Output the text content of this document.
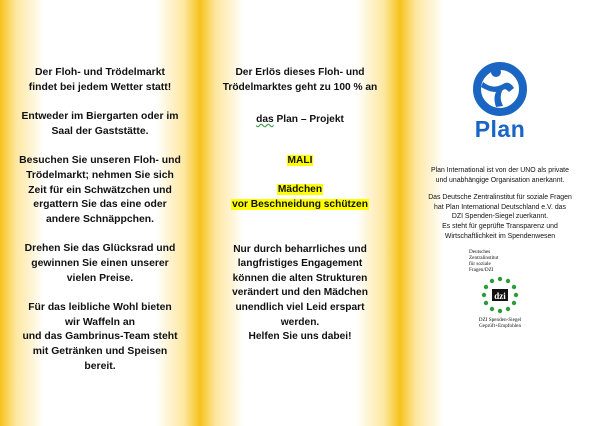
Der Floh- und Trödelmarkt
findet bei jedem Wetter statt!
Entweder im Biergarten oder im
Saal der Gaststätte.
Besuchen Sie unseren Floh- und
Trödelmarkt; nehmen Sie sich
Zeit für ein Schwätzchen und
ergattern Sie das eine oder
andere Schnäppchen.
Drehen Sie das Glücksrad und
gewinnen Sie einen unserer
vielen Preise.
Für das leibliche Wohl bieten
wir Waffeln an
und das Gambrinus-Team steht
mit Getränken und Speisen
bereit.
Der Erlös dieses Floh- und
Trödelmarktes geht zu 100 % an
das Plan – Projekt
MALI
Mädchen
vor Beschneidung schützen
Nur durch beharrliches und
langfristiges Engagement
können die alten Strukturen
verändert und den Mädchen
unendlich viel Leid erspart
werden.
Helfen Sie uns dabei!
Plan
Plan International ist von der UNO als private
und unabhängige Organisation anerkannt.
Das Deutsche Zentralinstitut für soziale Fragen
hat Plan International Deutschland e.V. das
DZI Spenden-Siegel zuerkannt.
Es steht für geprüfte Transparenz und
Wirtschaftlichkeit im Spendenwesen
Deutsches
Zentralinstitut
für soziale
Fragen/DZI
dzi
DZI Spenden-Siegel
Geprüft+Empfohlen
